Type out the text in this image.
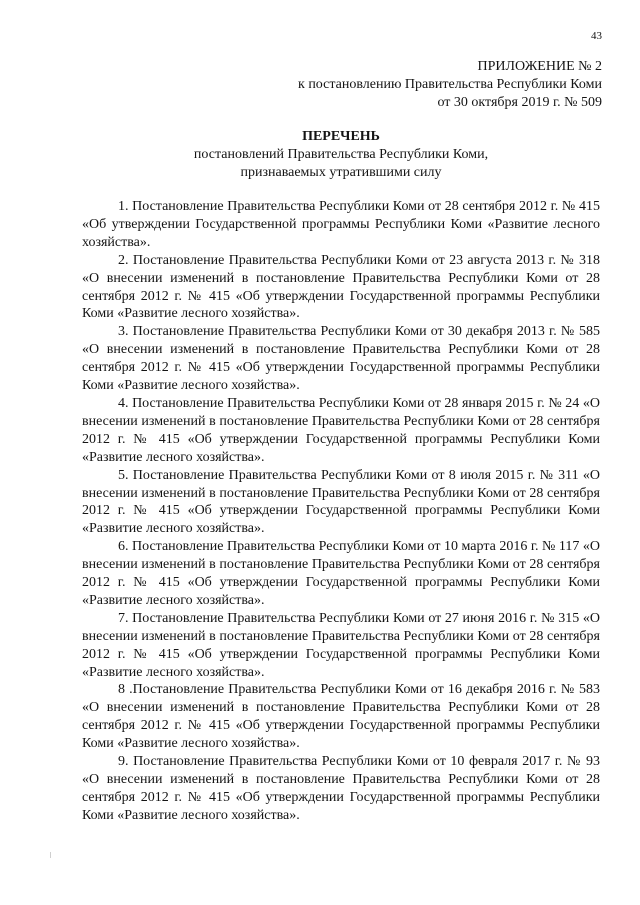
43
ПРИЛОЖЕНИЕ № 2
к постановлению Правительства Республики Коми
от 30 октября 2019 г. № 509
ПЕРЕЧЕНЬ
постановлений Правительства Республики Коми,
признаваемых утратившими силу

1. Постановление Правительства Республики Коми от 28 сентября 2012 г. № 415 «Об утверждении Государственной программы Республики Коми «Развитие лесного хозяйства».

2. Постановление Правительства Республики Коми от 23 августа 2013 г. № 318 «О внесении изменений в постановление Правительства Республики Коми от 28 сентября 2012 г. № 415 «Об утверждении Государственной программы Республики Коми «Развитие лесного хозяйства».

3. Постановление Правительства Республики Коми от 30 декабря 2013 г. № 585 «О внесении изменений в постановление Правительства Республики Коми от 28 сентября 2012 г. № 415 «Об утверждении Государственной программы Республики Коми «Развитие лесного хозяйства».

4. Постановление Правительства Республики Коми от 28 января 2015 г. № 24 «О внесении изменений в постановление Правительства Республики Коми от 28 сентября 2012 г. № 415 «Об утверждении Государственной программы Республики Коми «Развитие лесного хозяйства».

5. Постановление Правительства Республики Коми от 8 июля 2015 г. № 311 «О внесении изменений в постановление Правительства Республики Коми от 28 сентября 2012 г. № 415 «Об утверждении Государственной программы Республики Коми «Развитие лесного хозяйства».

6. Постановление Правительства Республики Коми от 10 марта 2016 г. № 117 «О внесении изменений в постановление Правительства Республики Коми от 28 сентября 2012 г. № 415 «Об утверждении Государственной программы Республики Коми «Развитие лесного хозяйства».

7. Постановление Правительства Республики Коми от 27 июня 2016 г. № 315 «О внесении изменений в постановление Правительства Республики Коми от 28 сентября 2012 г. № 415 «Об утверждении Государственной программы Республики Коми «Развитие лесного хозяйства».

8 .Постановление Правительства Республики Коми от 16 декабря 2016 г. № 583 «О внесении изменений в постановление Правительства Республики Коми от 28 сентября 2012 г. № 415 «Об утверждении Государственной программы Республики Коми «Развитие лесного хозяйства».

9. Постановление Правительства Республики Коми от 10 февраля 2017 г. № 93 «О внесении изменений в постановление Правительства Республики Коми от 28 сентября 2012 г. № 415 «Об утверждении Государственной программы Республики Коми «Развитие лесного хозяйства».
